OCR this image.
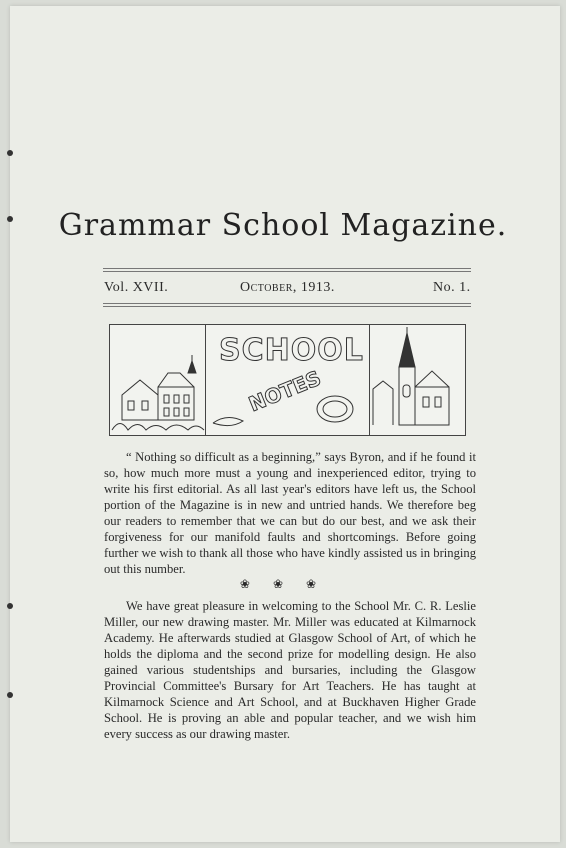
Grammar School Magazine.
Vol. XVII.	October, 1913.	No. 1.
SCHOOL
NOTES

“ Nothing so difficult as a beginning,” says Byron, and if he found it so, how much more must a young and inexperienced editor, trying to write his first editorial. As all last year's editors have left us, the School portion of the Magazine is in new and untried hands. We therefore beg our readers to remember that we can but do our best, and we ask their forgiveness for our manifold faults and shortcomings. Before going further we wish to thank all those who have kindly assisted us in bringing out this number.

❀ ❀ ❀

We have great pleasure in welcoming to the School Mr. C. R. Leslie Miller, our new drawing master. Mr. Miller was educated at Kilmarnock Academy. He afterwards studied at Glasgow School of Art, of which he holds the diploma and the second prize for modelling design. He also gained various studentships and bursaries, including the Glasgow Provincial Committee's Bursary for Art Teachers. He has taught at Kilmarnock Science and Art School, and at Buckhaven Higher Grade School. He is proving an able and popular teacher, and we wish him every success as our drawing master.
